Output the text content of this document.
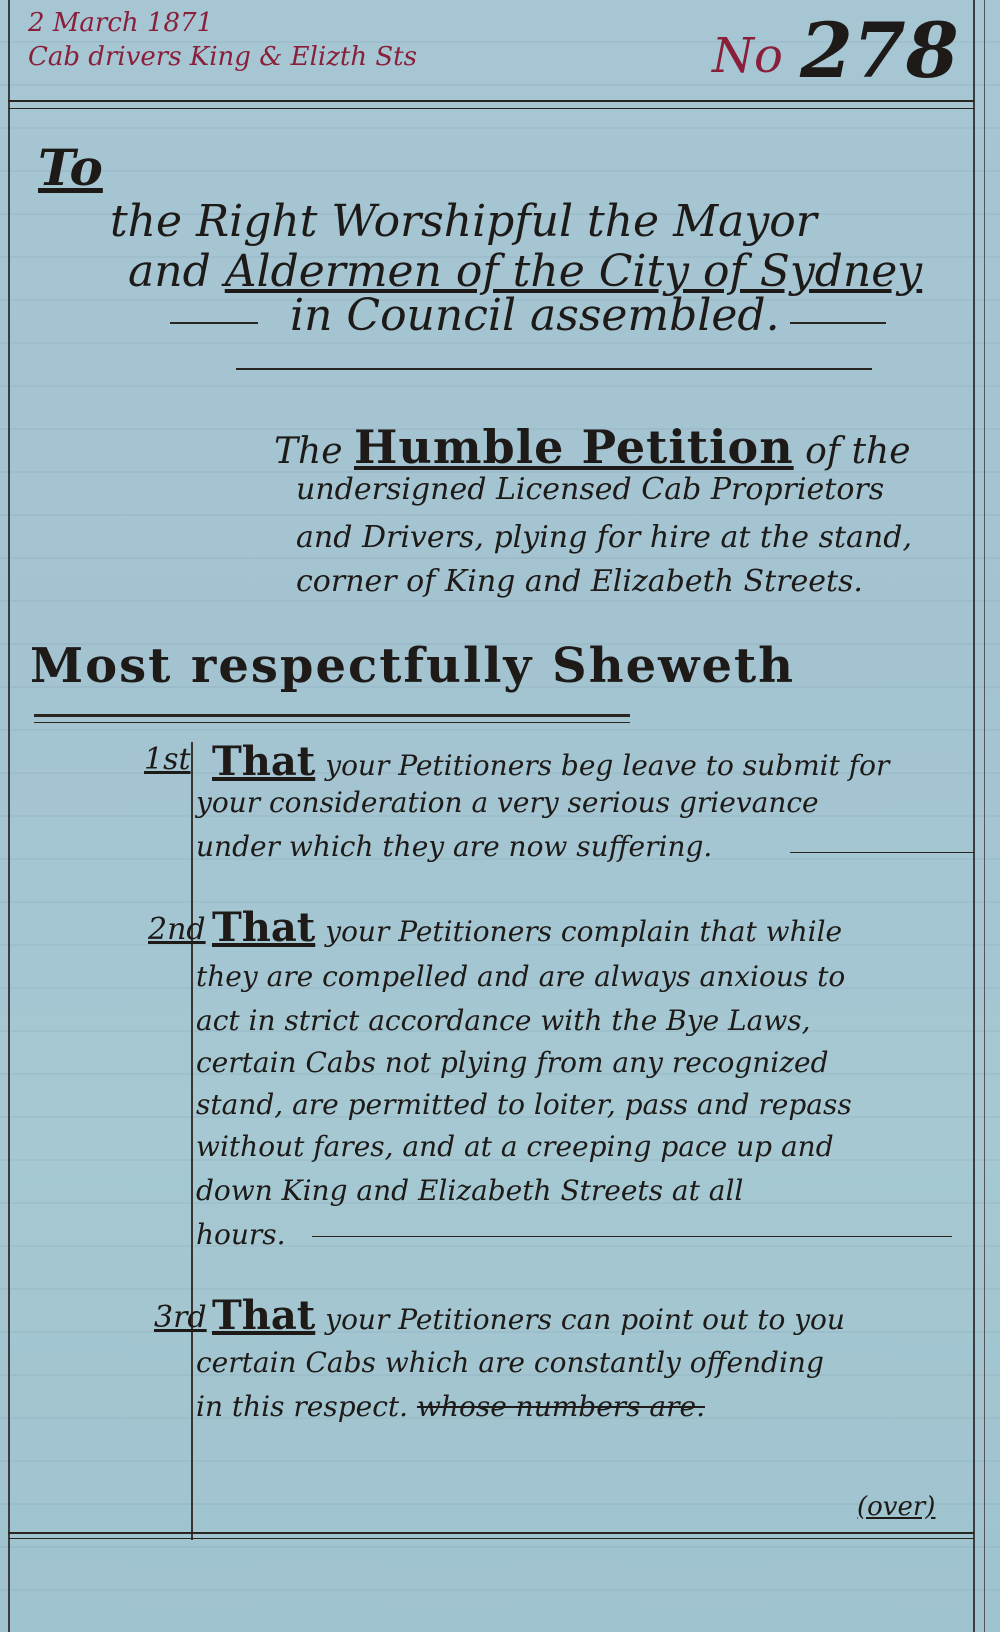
2 March 1871
Cab drivers King & Elizth Sts	No 278
To
the Right Worshipful the Mayor
and Aldermen of the City of Sydney
in Council assembled.
The Humble Petition of the
undersigned Licensed Cab Proprietors
and Drivers, plying for hire at the stand,
corner of King and Elizabeth Streets.
Most respectfully Sheweth
1st That your Petitioners beg leave to submit for
your consideration a very serious grievance
under which they are now suffering.
2nd That your Petitioners complain that while
they are compelled and are always anxious to
act in strict accordance with the Bye Laws,
certain Cabs not plying from any recognized
stand, are permitted to loiter, pass and repass
without fares, and at a creeping pace up and
down King and Elizabeth Streets at all
hours.
3rd That your Petitioners can point out to you
certain Cabs which are constantly offending
in this respect. whose numbers are.
(over)
